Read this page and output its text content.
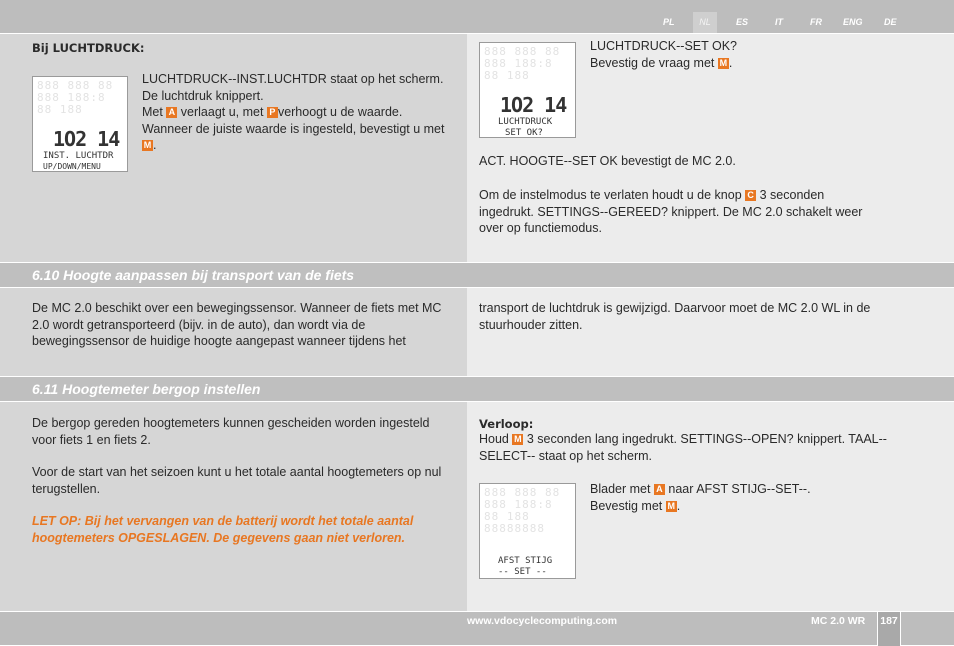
PL	NL	ES	IT	FR ENG DE
Bij LUCHTDRUCK:
888 888 88
888 188:8
88 188
1O2 14
INST. LUCHTDR
UP/DOWN/MENU
LUCHTDRUCK--INST.LUCHTDR staat op het scherm. De luchtdruk knippert.
Met A verlaagt u, met P verhoogt u de waarde.
Wanneer de juiste waarde is ingesteld, bevestigt u met M .
888 888 88
888 188:8
88 188
1O2 14
LUCHTDRUCK
SET OK?
LUCHTDRUCK--SET OK?
Bevestig de vraag met M .
ACT. HOOGTE--SET OK bevestigt de MC 2.0.
Om de instelmodus te verlaten houdt u de knop C 3 seconden ingedrukt. SETTINGS--GEREED? knippert. De MC 2.0 schakelt weer over op functiemodus.
6.10 Hoogte aanpassen bij transport van de fiets
De MC 2.0 beschikt over een bewegingssensor. Wanneer de fiets met MC 2.0 wordt getransporteerd (bijv. in de auto), dan wordt via de bewegingssensor de huidige hoogte aangepast wanneer tijdens het
transport de luchtdruk is gewijzigd. Daarvoor moet de MC 2.0 WL in de stuurhouder zitten.
6.11 Hoogtemeter bergop instellen
De bergop gereden hoogtemeters kunnen gescheiden worden ingesteld voor fiets 1 en fiets 2.
Voor de start van het seizoen kunt u het totale aantal hoogtemeters op nul terugstellen.
LET OP: Bij het vervangen van de batterij wordt het totale aantal hoogtemeters OPGESLAGEN. De gegevens gaan niet verloren.
Verloop:
Houd M 3 seconden lang ingedrukt. SETTINGS--OPEN? knippert. TAAL--SELECT-- staat op het scherm.
888 888 88
888 188:8
88 188
88888888
AFST STIJG
-- SET --
Blader met A naar AFST STIJG--SET--.
Bevestig met M .
www.vdocyclecomputing.com	MC 2.0 WR	187
